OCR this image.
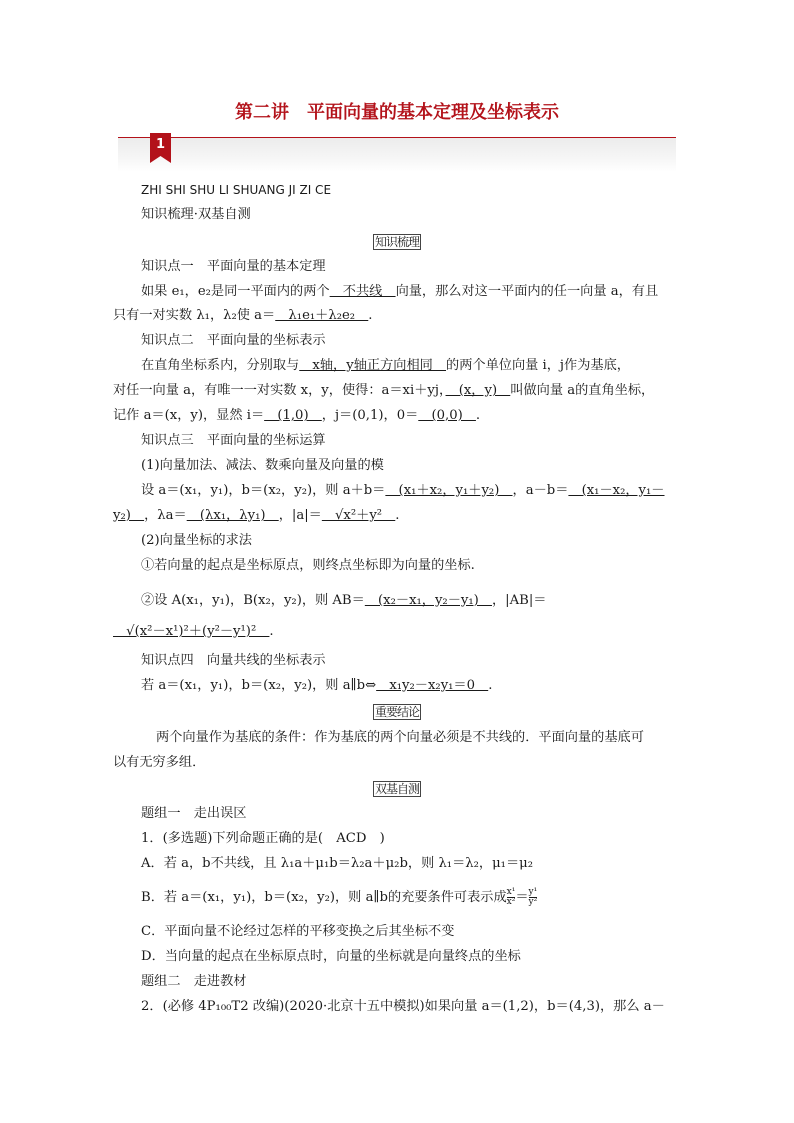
第二讲　平面向量的基本定理及坐标表示
1
ZHI SHI SHU LI SHUANG JI ZI CE
知识梳理·双基自测
知识梳理
知识点一　平面向量的基本定理
如果 e₁，e₂是同一平面内的两个　不共线　向量，那么对这一平面内的任一向量 a，有且
只有一对实数 λ₁，λ₂使 a＝　λ₁e₁＋λ₂e₂　.
知识点二　平面向量的坐标表示
在直角坐标系内，分别取与　x轴，y轴正方向相同　的两个单位向量 i，j作为基底，
对任一向量 a，有唯一一对实数 x，y，使得：a＝xi＋yj，　(x，y)　叫做向量 a的直角坐标，
记作 a＝(x，y)，显然 i＝　(1,0)　，j＝(0,1)，0＝　(0,0)　.
知识点三　平面向量的坐标运算
(1)向量加法、减法、数乘向量及向量的模
设 a＝(x₁，y₁)，b＝(x₂，y₂)，则 a＋b＝　(x₁＋x₂，y₁＋y₂)　，a－b＝　(x₁－x₂，y₁－
y₂)　，λa＝　(λx₁，λy₁)　，|a|＝　√x²＋y²　.
(2)向量坐标的求法
①若向量的起点是坐标原点，则终点坐标即为向量的坐标.
②设 A(x₁，y₁)，B(x₂，y₂)，则 AB＝　(x₂－x₁，y₂－y₁)　，|AB|＝
　√(x²－x¹)²＋(y²－y¹)²　.
知识点四　向量共线的坐标表示
若 a＝(x₁，y₁)，b＝(x₂，y₂)，则 a∥b⇔　x₁y₂－x₂y₁＝0　.
重要结论
两个向量作为基底的条件：作为基底的两个向量必须是不共线的．平面向量的基底可
以有无穷多组．
双基自测
题组一　走出误区
1．(多选题)下列命题正确的是(　ACD　)
A．若 a，b不共线，且 λ₁a＋μ₁b＝λ₂a＋μ₂b，则 λ₁＝λ₂，μ₁＝μ₂
B．若 a＝(x₁，y₁)，b＝(x₂，y₂)，则 a∥b的充要条件可表示成 $\frac{\text{x¹}}{\text{x²}} = \frac{\text{y¹}}{\text{y²}}$
C．平面向量不论经过怎样的平移变换之后其坐标不变
D．当向量的起点在坐标原点时，向量的坐标就是向量终点的坐标
题组二　走进教材
2．(必修 4P₁₀₀T2 改编)(2020·北京十五中模拟)如果向量 a＝(1,2)，b＝(4,3)，那么 a－
